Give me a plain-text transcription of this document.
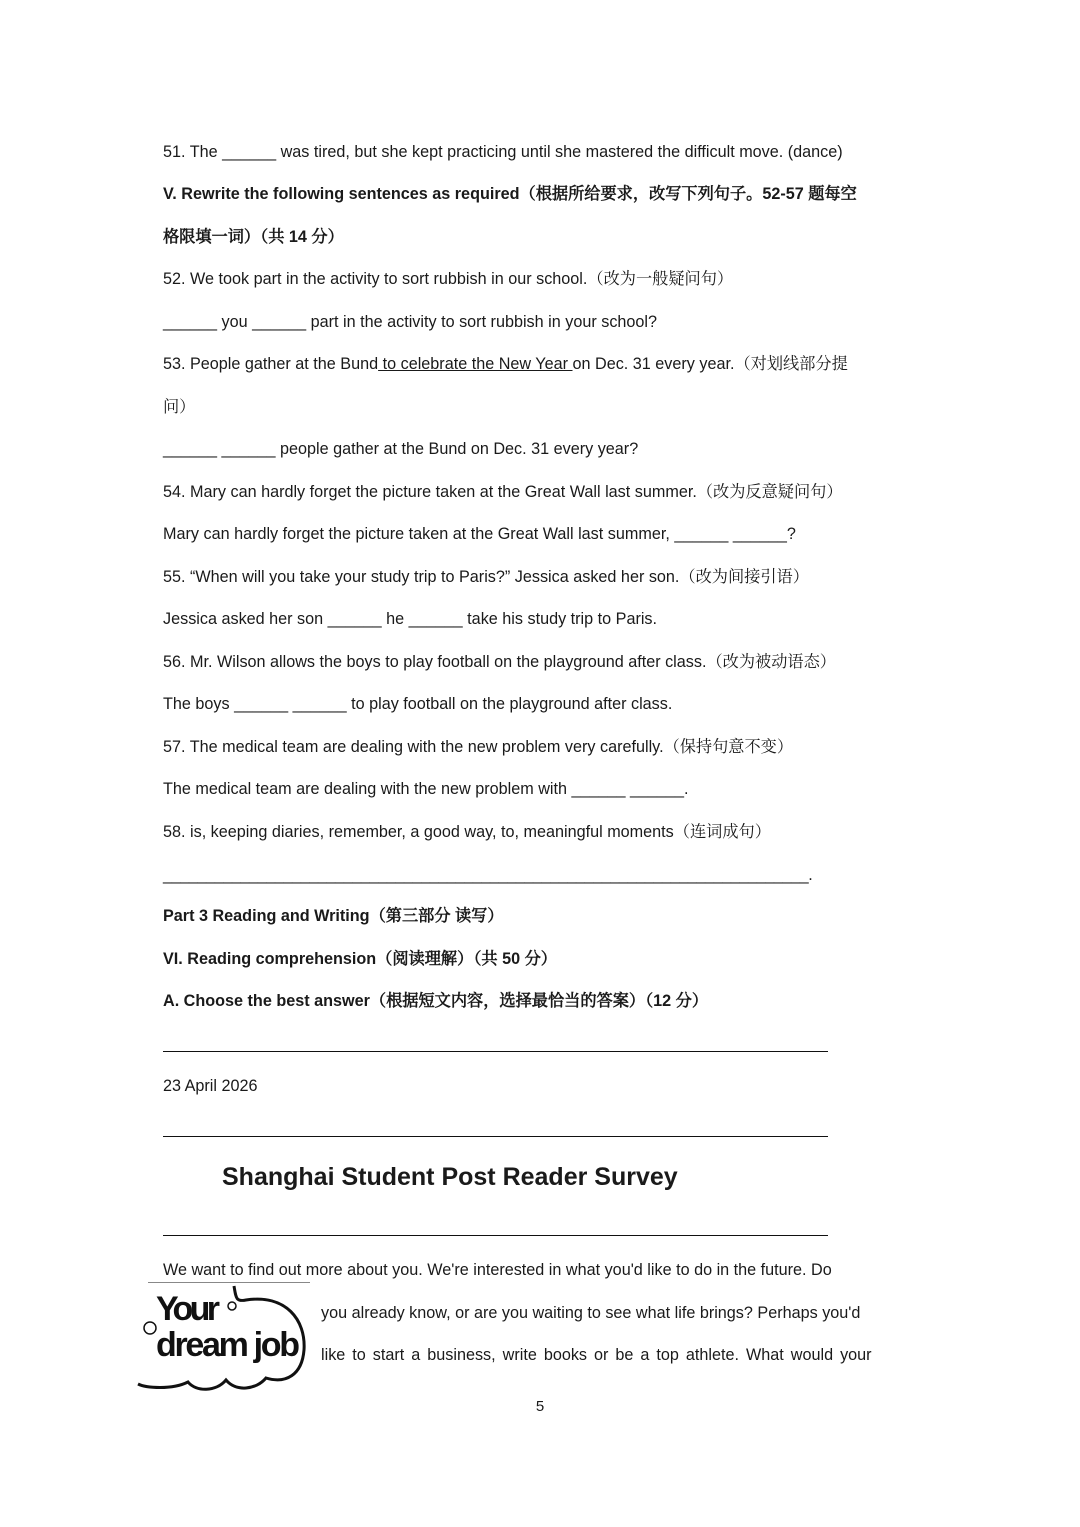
51. The ______ was tired, but she kept practicing until she mastered the difficult move. (dance)
V. Rewrite the following sentences as required（根据所给要求，改写下列句子。52-57 题每空
格限填一词）（共 14 分）
52. We took part in the activity to sort rubbish in our school.（改为一般疑问句）
______ you ______ part in the activity to sort rubbish in your school?
53. People gather at the Bund to celebrate the New Year on Dec. 31 every year.（对划线部分提
问）
______ ______ people gather at the Bund on Dec. 31 every year?
54. Mary can hardly forget the picture taken at the Great Wall last summer.（改为反意疑问句）
Mary can hardly forget the picture taken at the Great Wall last summer, ______ ______?
55. “When will you take your study trip to Paris?” Jessica asked her son.（改为间接引语）
Jessica asked her son ______ he ______ take his study trip to Paris.
56. Mr. Wilson allows the boys to play football on the playground after class.（改为被动语态）
The boys ______ ______ to play football on the playground after class.
57. The medical team are dealing with the new problem very carefully.（保持句意不变）
The medical team are dealing with the new problem with ______ ______.
58. is, keeping diaries, remember, a good way, to, meaningful moments（连词成句）
___________________________________________________________________________.
Part 3 Reading and Writing（第三部分 读写）
VI. Reading comprehension（阅读理解）（共 50 分）
A. Choose the best answer（根据短文内容，选择最恰当的答案）（12 分）
23 April 2026
Shanghai Student Post Reader Survey
We want to find out more about you. We're interested in what you'd like to do in the future. Do
Your
dream job
you already know, or are you waiting to see what life brings? Perhaps you'd
like to start a business, write books or be a top athlete. What would your
5
